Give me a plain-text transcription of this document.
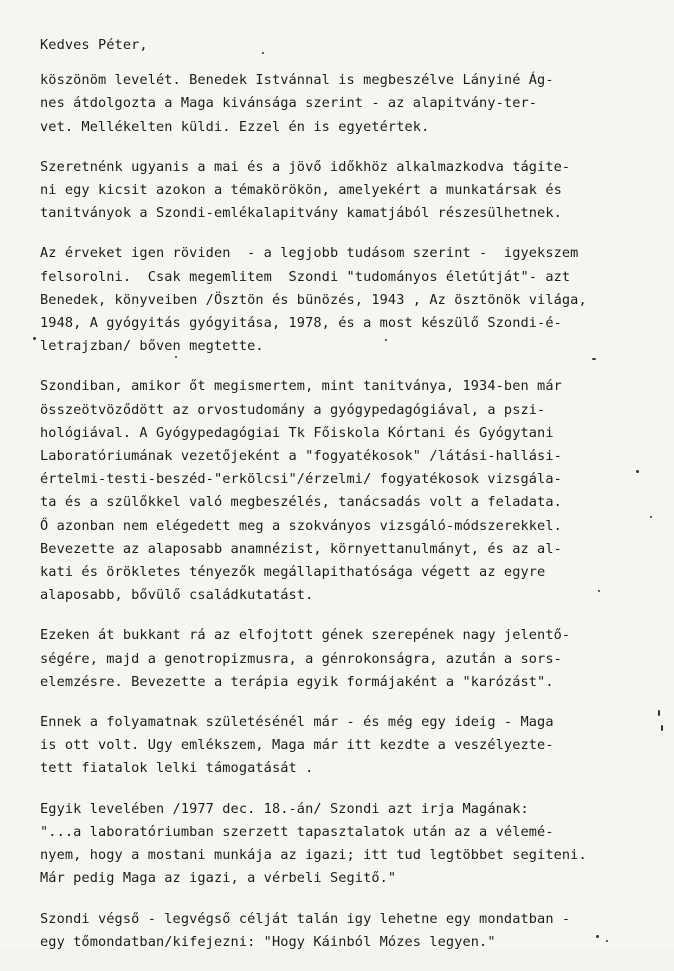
Kedves Péter,
köszönöm levelét. Benedek Istvánnal is megbeszélve Lányiné Ág-
nes átdolgozta a Maga kivánsága szerint - az alapitvány-ter-
vet. Mellékelten küldi. Ezzel én is egyetértek.
Szeretnénk ugyanis a mai és a jövő időkhöz alkalmazkodva tágite-
ni egy kicsit azokon a témakörökön, amelyekért a munkatársak és
tanitványok a Szondi-emlékalapitvány kamatjából részesülhetnek.
Az érveket igen röviden  - a legjobb tudásom szerint -  igyekszem
felsorolni.  Csak megemlitem  Szondi "tudományos életútját"- azt
Benedek, könyveiben /Ösztön és bünözés, 1943 , Az ösztönök világa,
1948, A gyógyitás gyógyitása, 1978, és a most készülő Szondi-é-
letrajzban/ bőven megtette.
Szondiban, amikor őt megismertem, mint tanitványa, 1934-ben már
összeötvöződött az orvostudomány a gyógypedagógiával, a pszi-
hológiával. A Gyógypedagógiai Tk Főiskola Kórtani és Gyógytani
Laboratóriumának vezetőjeként a "fogyatékosok" /látási-hallási-
értelmi-testi-beszéd-"erkölcsi"/érzelmi/ fogyatékosok vizsgála-
ta és a szülőkkel való megbeszélés, tanácsadás volt a feladata.
Ő azonban nem elégedett meg a szokványos vizsgáló-módszerekkel.
Bevezette az alaposabb anamnézist, környettanulmányt, és az al-
kati és örökletes tényezők megállapithatósága végett az egyre
alaposabb, bővülő családkutatást.
Ezeken át bukkant rá az elfojtott gének szerepének nagy jelentő-
ségére, majd a genotropizmusra, a génrokonságra, azután a sors-
elemzésre. Bevezette a terápia egyik formájaként a "karózást".
Ennek a folyamatnak születésénél már - és még egy ideig - Maga
is ott volt. Ugy emlékszem, Maga már itt kezdte a veszélyezte-
tett fiatalok lelki támogatását .
Egyik levelében /1977 dec. 18.-án/ Szondi azt irja Magának:
"...a laboratóriumban szerzett tapasztalatok után az a vélemé-
nyem, hogy a mostani munkája az igazi; itt tud legtöbbet segiteni.
Már pedig Maga az igazi, a vérbeli Segitő."
Szondi végső - legvégső célját talán igy lehetne egy mondatban -
egy tőmondatban/kifejezni: "Hogy Káinból Mózes legyen."
